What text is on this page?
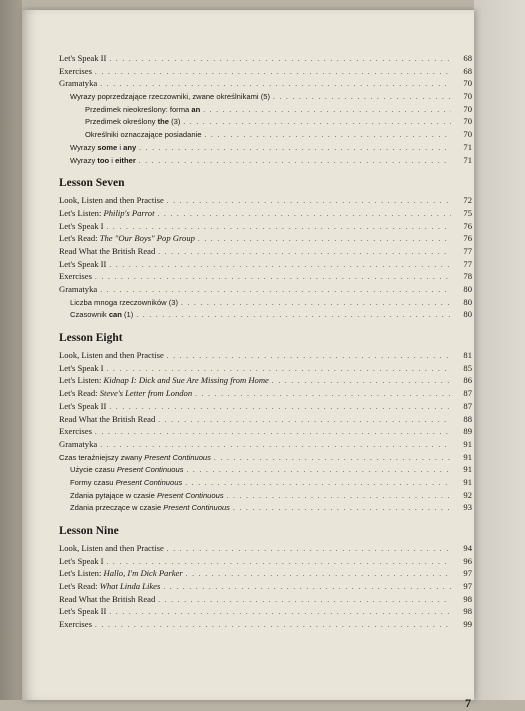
Let's Speak II . . .	68
Exercises . . .	68
Gramatyka . . .	70
Wyrazy poprzedzające rzeczowniki, zwane określnikami (5) . . .	70
Przedimek nieokreślony: forma an . . .	70
Przedimek określony the (3) . . .	70
Określniki oznaczające posiadanie . . .	70
Wyrazy some i any . . .	71
Wyrazy too i either . . .	71
Lesson Seven
Look, Listen and then Practise . . .	72
Let's Listen: Philip's Parrot . . .	75
Let's Speak I . . .	76
Let's Read: The "Our Boys" Pop Group . . .	76
Read What the British Read . . .	77
Let's Speak II . . .	77
Exercises . . .	78
Gramatyka . . .	80
Liczba mnoga rzeczowników (3) . . .	80
Czasownik can (1) . . .	80
Lesson Eight
Look, Listen and then Practise . . .	81
Let's Speak I . . .	85
Let's Listen: Kidnap I: Dick and Sue Are Missing from Home . . .	86
Let's Read: Steve's Letter from London . . .	87
Let's Speak II . . .	87
Read What the British Read . . .	88
Exercises . . .	89
Gramatyka . . .	91
Czas teraźniejszy zwany Present Continuous . . .	91
Użycie czasu Present Continuous . . .	91
Formy czasu Present Continuous . . .	91
Zdania pytające w czasie Present Continuous . . .	92
Zdania przeczące w czasie Present Continuous . . .	93
Lesson Nine
Look, Listen and then Practise . . .	94
Let's Speak I . . .	96
Let's Listen: Hallo, I'm Dick Parker . . .	97
Let's Read: What Linda Likes . . .	97
Read What the British Read . . .	98
Let's Speak II . . .	98
Exercises . . .	99
7
